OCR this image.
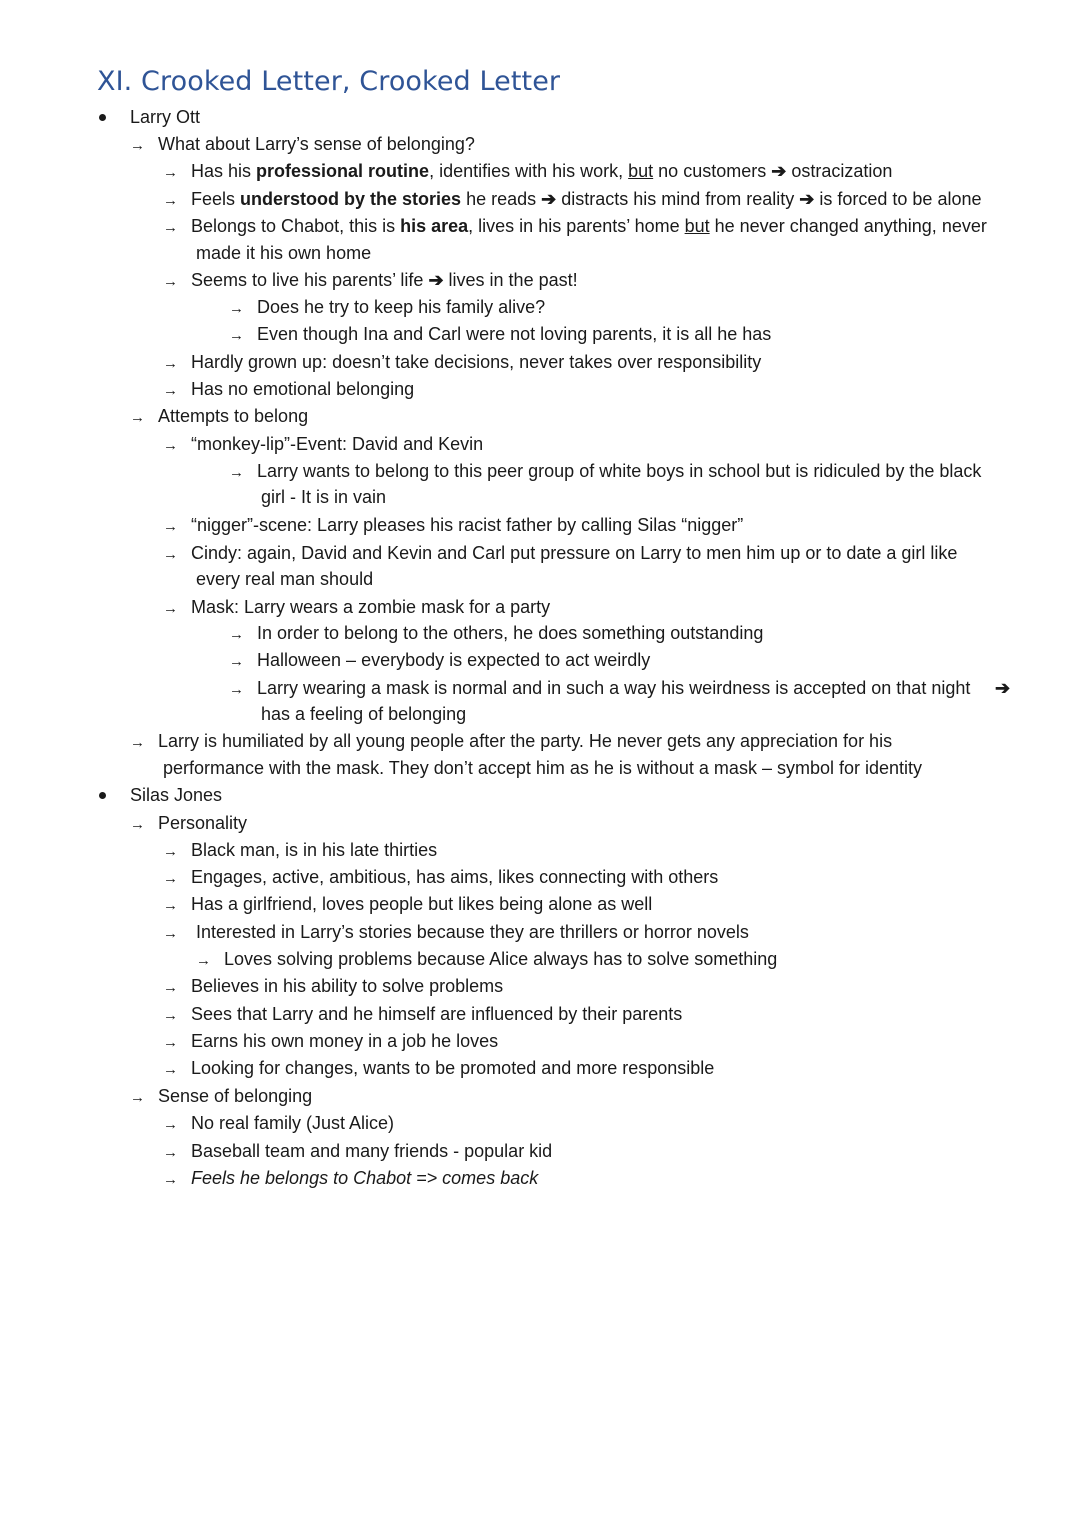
XI. Crooked Letter, Crooked Letter
Larry Ott
→ What about Larry’s sense of belonging?
→ Has his professional routine, identifies with his work, but no customers ➔ ostracization
→ Feels understood by the stories he reads ➔ distracts his mind from reality ➔ is forced to be alone
→ Belongs to Chabot, this is his area, lives in his parents’ home but he never changed anything, never
made it his own home
→ Seems to live his parents’ life ➔ lives in the past!
→ Does he try to keep his family alive?
→ Even though Ina and Carl were not loving parents, it is all he has
→ Hardly grown up: doesn’t take decisions, never takes over responsibility
→ Has no emotional belonging
→ Attempts to belong
→ “monkey-lip”-Event: David and Kevin
→ Larry wants to belong to this peer group of white boys in school but is ridiculed by the black
girl - It is in vain
→ “nigger”-scene: Larry pleases his racist father by calling Silas “nigger”
→ Cindy: again, David and Kevin and Carl put pressure on Larry to men him up or to date a girl like
every real man should
→ Mask: Larry wears a zombie mask for a party
→ In order to belong to the others, he does something outstanding
→ Halloween – everybody is expected to act weirdly
→ Larry wearing a mask is normal and in such a way his weirdness is accepted on that night ➔
has a feeling of belonging
→ Larry is humiliated by all young people after the party. He never gets any appreciation for his
performance with the mask. They don’t accept him as he is without a mask – symbol for identity
Silas Jones
→ Personality
→ Black man, is in his late thirties
→ Engages, active, ambitious, has aims, likes connecting with others
→ Has a girlfriend, loves people but likes being alone as well
→ Interested in Larry’s stories because they are thrillers or horror novels
→ Loves solving problems because Alice always has to solve something
→ Believes in his ability to solve problems
→ Sees that Larry and he himself are influenced by their parents
→ Earns his own money in a job he loves
→ Looking for changes, wants to be promoted and more responsible
→ Sense of belonging
→ No real family (Just Alice)
→ Baseball team and many friends - popular kid
→ Feels he belongs to Chabot => comes back
